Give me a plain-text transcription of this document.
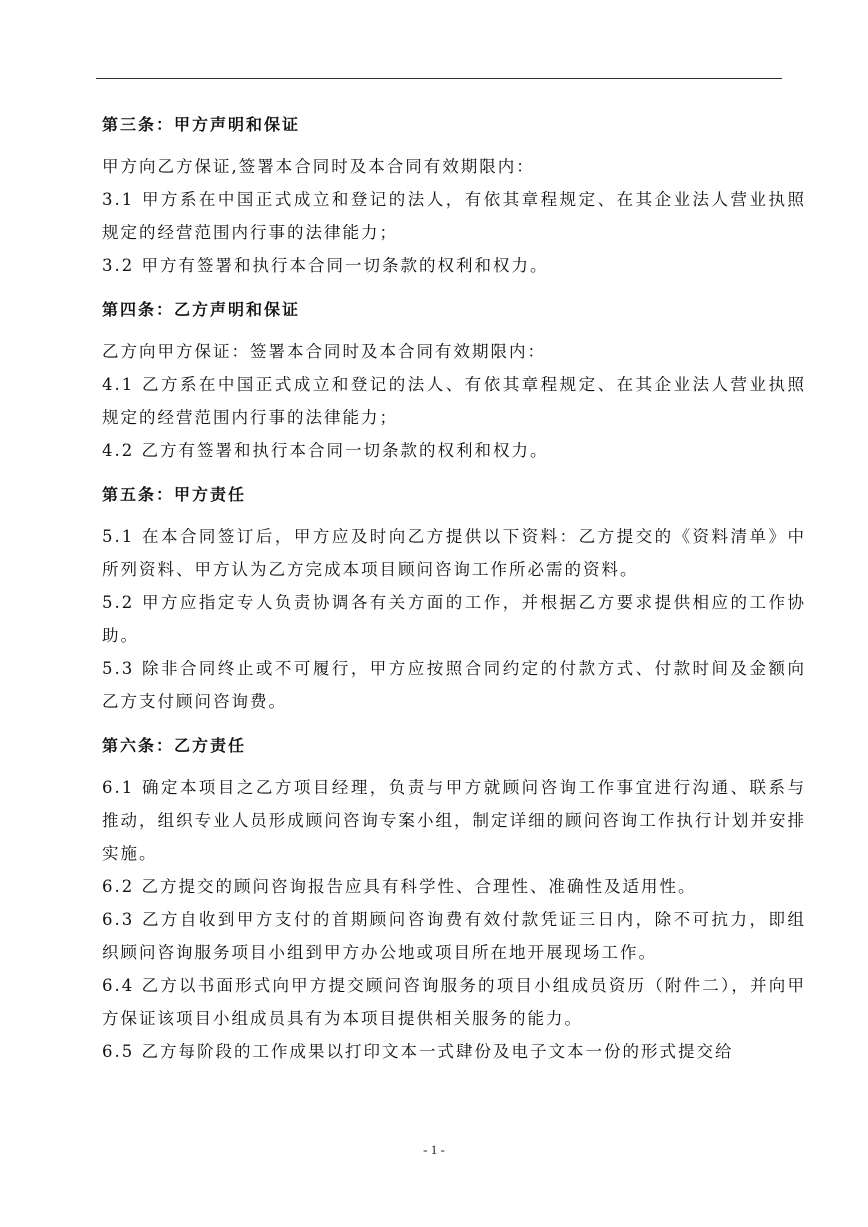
第三条：甲方声明和保证

甲方向乙方保证,签署本合同时及本合同有效期限内：

3.1 甲方系在中国正式成立和登记的法人，有依其章程规定、在其企业法人营业执照规定的经营范围内行事的法律能力；

3.2 甲方有签署和执行本合同一切条款的权利和权力。

第四条：乙方声明和保证

乙方向甲方保证：签署本合同时及本合同有效期限内：

4.1 乙方系在中国正式成立和登记的法人、有依其章程规定、在其企业法人营业执照规定的经营范围内行事的法律能力；

4.2 乙方有签署和执行本合同一切条款的权利和权力。

第五条：甲方责任

5.1 在本合同签订后，甲方应及时向乙方提供以下资料：乙方提交的《资料清单》中所列资料、甲方认为乙方完成本项目顾问咨询工作所必需的资料。

5.2 甲方应指定专人负责协调各有关方面的工作，并根据乙方要求提供相应的工作协助。

5.3 除非合同终止或不可履行，甲方应按照合同约定的付款方式、付款时间及金额向乙方支付顾问咨询费。

第六条：乙方责任

6.1 确定本项目之乙方项目经理，负责与甲方就顾问咨询工作事宜进行沟通、联系与推动，组织专业人员形成顾问咨询专案小组，制定详细的顾问咨询工作执行计划并安排实施。

6.2 乙方提交的顾问咨询报告应具有科学性、合理性、准确性及适用性。

6.3 乙方自收到甲方支付的首期顾问咨询费有效付款凭证三日内，除不可抗力，即组织顾问咨询服务项目小组到甲方办公地或项目所在地开展现场工作。

6.4 乙方以书面形式向甲方提交顾问咨询服务的项目小组成员资历（附件二），并向甲方保证该项目小组成员具有为本项目提供相关服务的能力。

6.5 乙方每阶段的工作成果以打印文本一式肆份及电子文本一份的形式提交给

- 1 -
